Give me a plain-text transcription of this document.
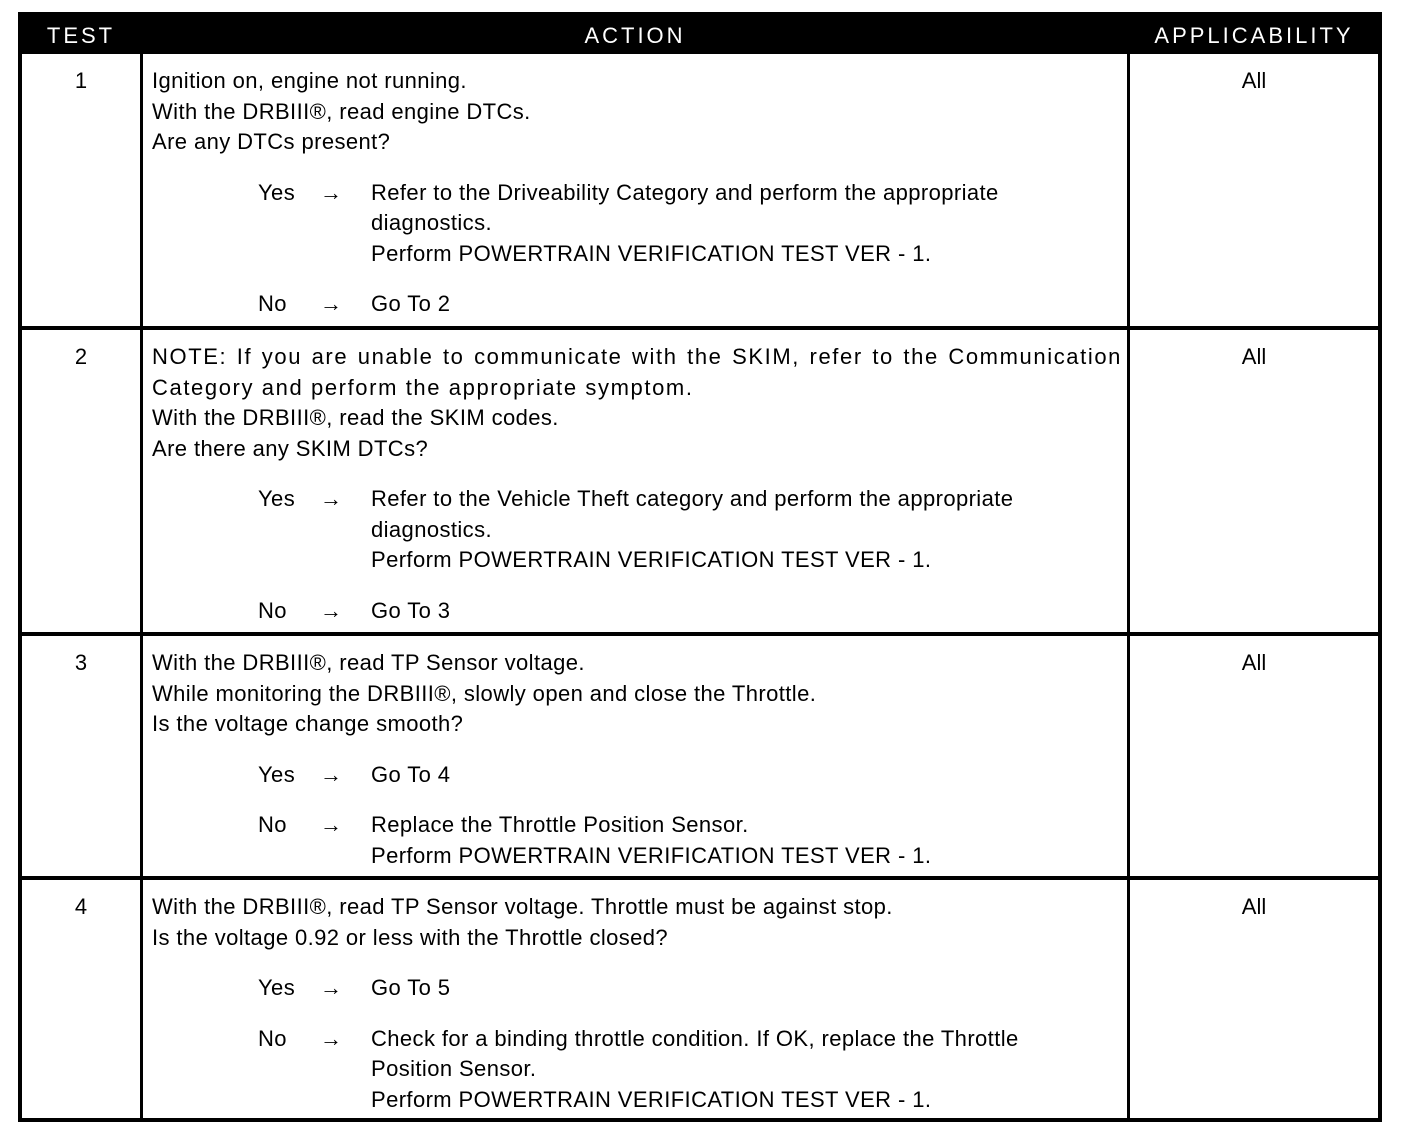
TEST	ACTION	APPLICABILITY
1	Ignition on, engine not running.
With the DRBIII®, read engine DTCs.
Are any DTCs present?
Yes → Refer to the Driveability Category and perform the appropriate
diagnostics.
Perform POWERTRAIN VERIFICATION TEST VER - 1.
No → Go To 2
All
2	NOTE: If you are unable to communicate with the SKIM, refer to the Communication Category and perform the appropriate symptom.
With the DRBIII®, read the SKIM codes.
Are there any SKIM DTCs?
Yes → Refer to the Vehicle Theft category and perform the appropriate
diagnostics.
Perform POWERTRAIN VERIFICATION TEST VER - 1.
No → Go To 3
All
3	With the DRBIII®, read TP Sensor voltage.
While monitoring the DRBIII®, slowly open and close the Throttle.
Is the voltage change smooth?
Yes → Go To 4
No → Replace the Throttle Position Sensor.
Perform POWERTRAIN VERIFICATION TEST VER - 1.
All
4	With the DRBIII®, read TP Sensor voltage. Throttle must be against stop.
Is the voltage 0.92 or less with the Throttle closed?
Yes → Go To 5
No → Check for a binding throttle condition. If OK, replace the Throttle
Position Sensor.
Perform POWERTRAIN VERIFICATION TEST VER - 1.
All
